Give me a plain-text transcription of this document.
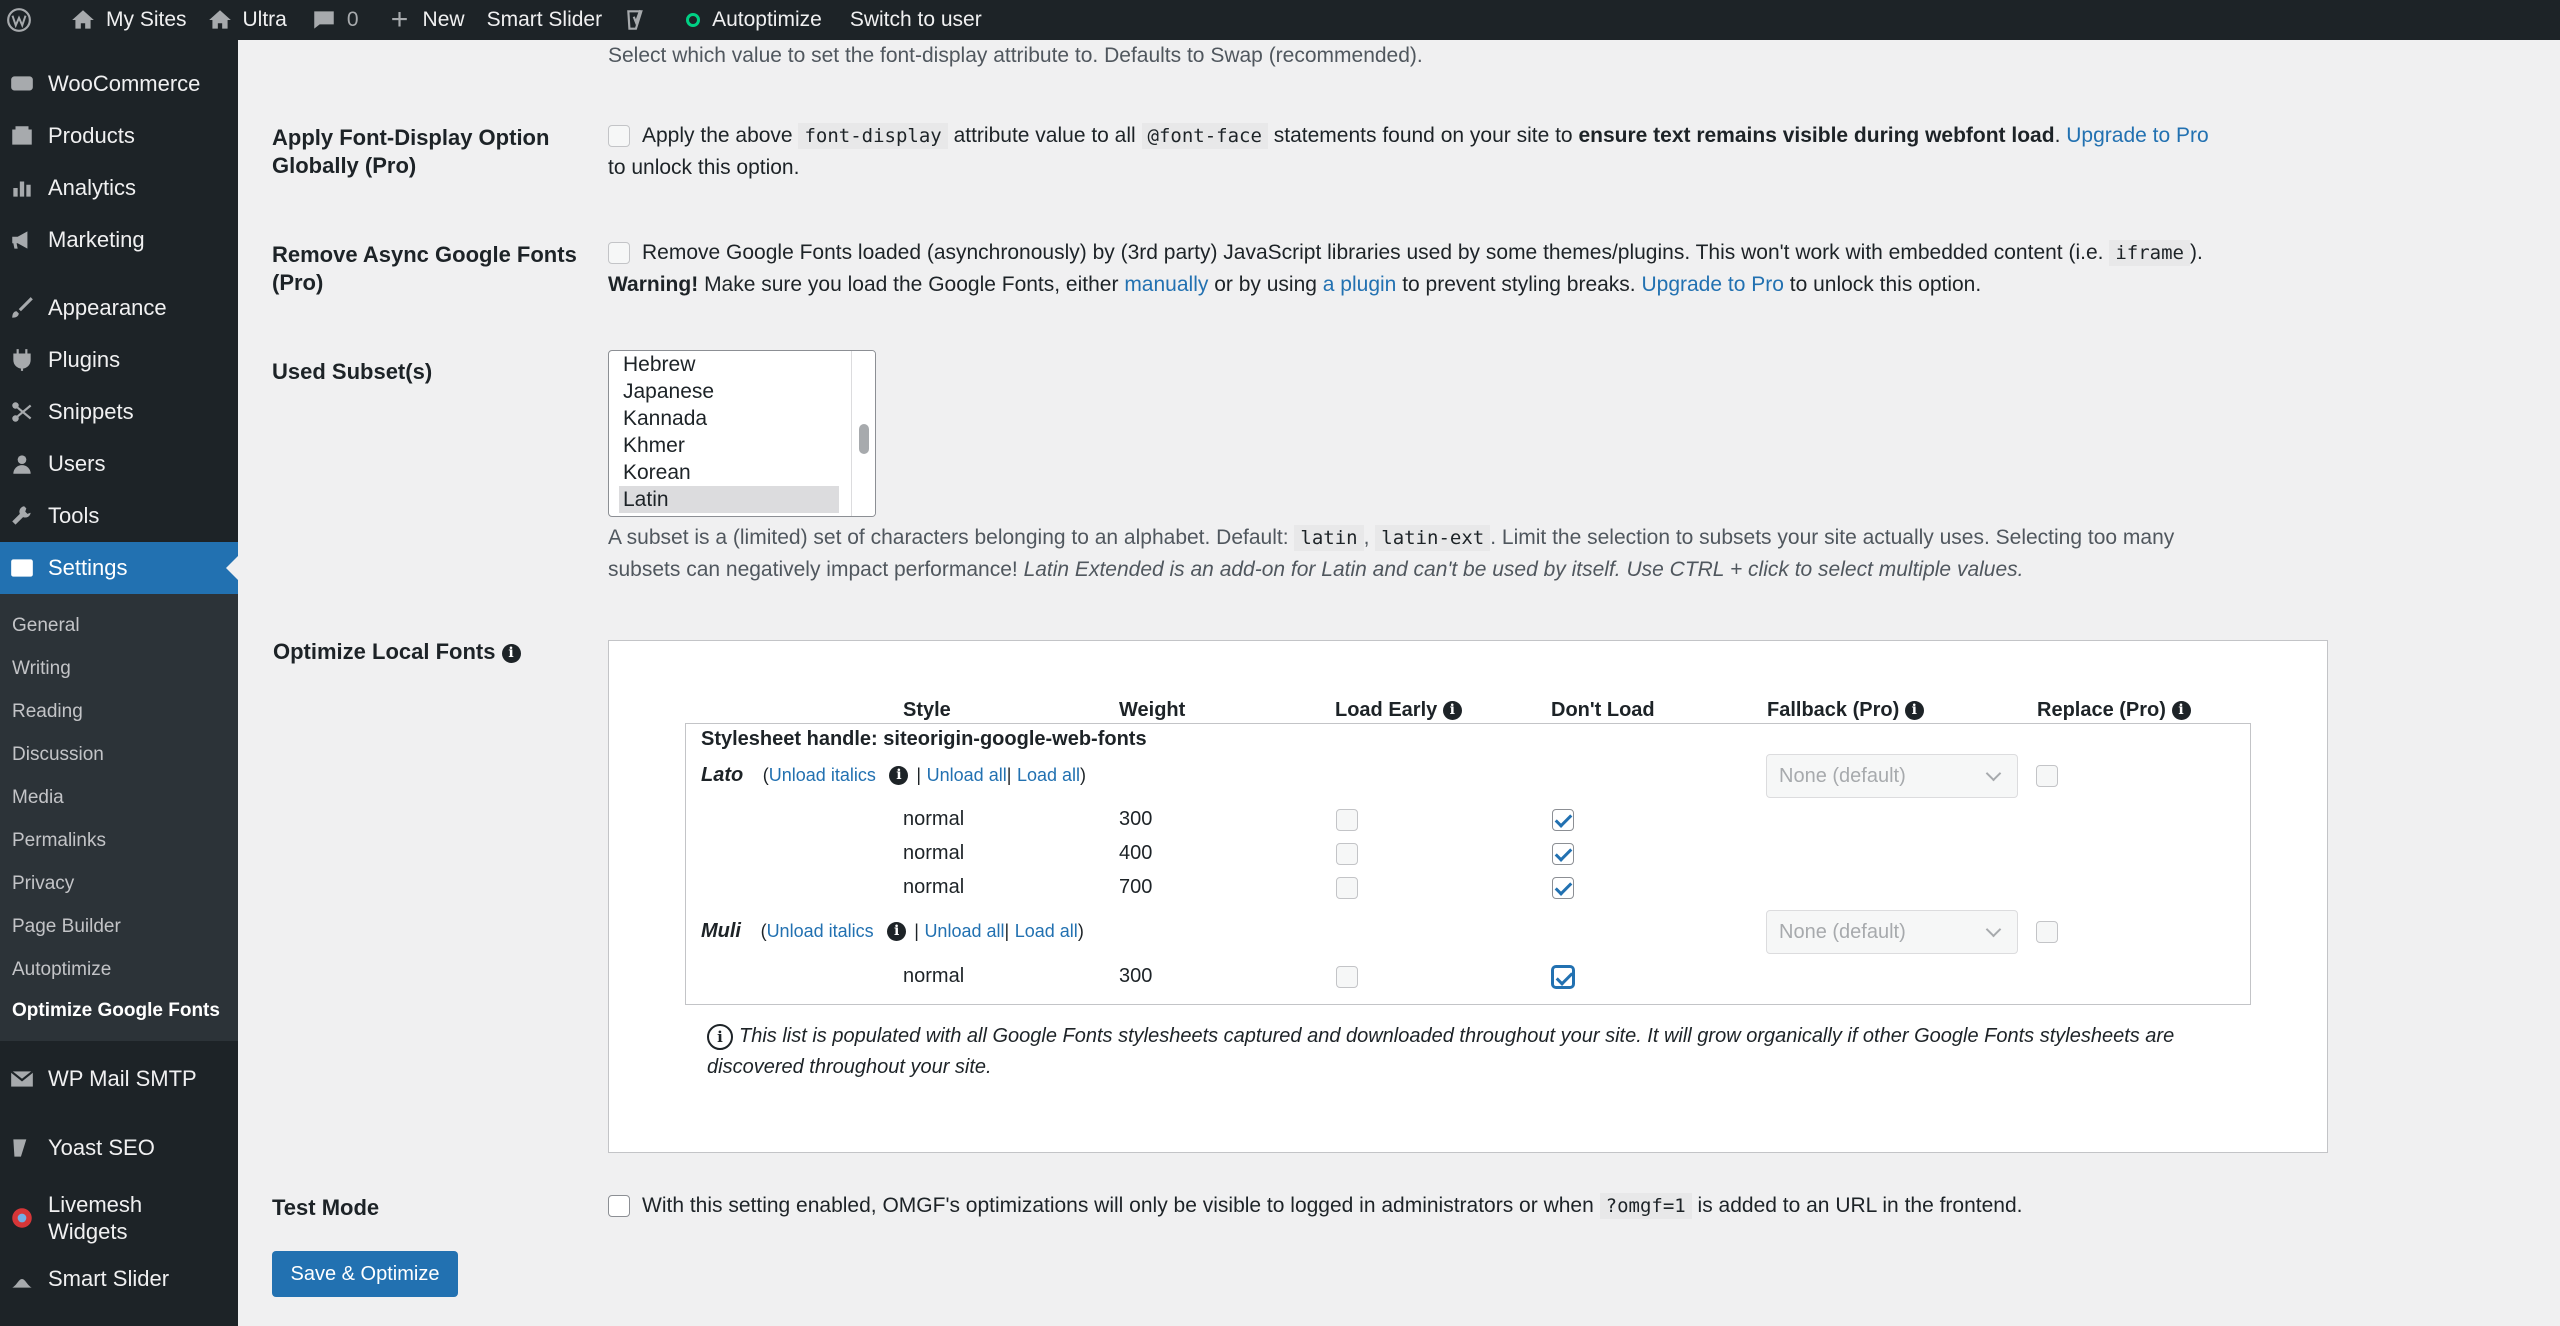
My Sites	Ultra	0 + New Smart Slider	Autoptimize Switch to user
WooCommerce
Products
Analytics
Marketing
Appearance
Plugins
Snippets
Users
Tools
Settings
General
Writing
Reading
Discussion
Media
Permalinks
Privacy
Page Builder
Autoptimize
Optimize Google Fonts
WP Mail SMTP
Yoast SEO
Livemesh Widgets
Smart Slider
Select which value to set the font-display attribute to. Defaults to Swap (recommended).
Apply Font-Display Option Globally (Pro)
Apply the above font-display attribute value to all @font-face statements found on your site to ensure text remains visible during webfont load. Upgrade to Pro
to unlock this option.
Remove Async Google Fonts (Pro)
Remove Google Fonts loaded (asynchronously) by (3rd party) JavaScript libraries used by some themes/plugins. This won't work with embedded content (i.e. iframe ).
Warning! Make sure you load the Google Fonts, either manually or by using a plugin to prevent styling breaks. Upgrade to Pro to unlock this option.
Used Subset(s)	Hebrew
Japanese
Kannada
Khmer
Korean
Latin
A subset is a (limited) set of characters belonging to an alphabet. Default: latin , latin-ext . Limit the selection to subsets your site actually uses. Selecting too many
subsets can negatively impact performance! Latin Extended is an add-on for Latin and can't be used by itself. Use CTRL + click to select multiple values.
Optimize Local Fonts i
Style	Weight	Load Early i	Don't Load	Fallback (Pro) i	Replace (Pro) i
Stylesheet handle: siteorigin-google-web-fonts
Lato (Unload italics i | Unload all| Load all)	None (default)
normal	300
normal	400
normal	700
Muli (Unload italics i | Unload all| Load all)	None (default)
normal	300
i This list is populated with all Google Fonts stylesheets captured and downloaded throughout your site. It will grow organically if other Google Fonts stylesheets are discovered throughout your site.
Test Mode	With this setting enabled, OMGF's optimizations will only be visible to logged in administrators or when ?omgf=1 is added to an URL in the frontend.
Save & Optimize
